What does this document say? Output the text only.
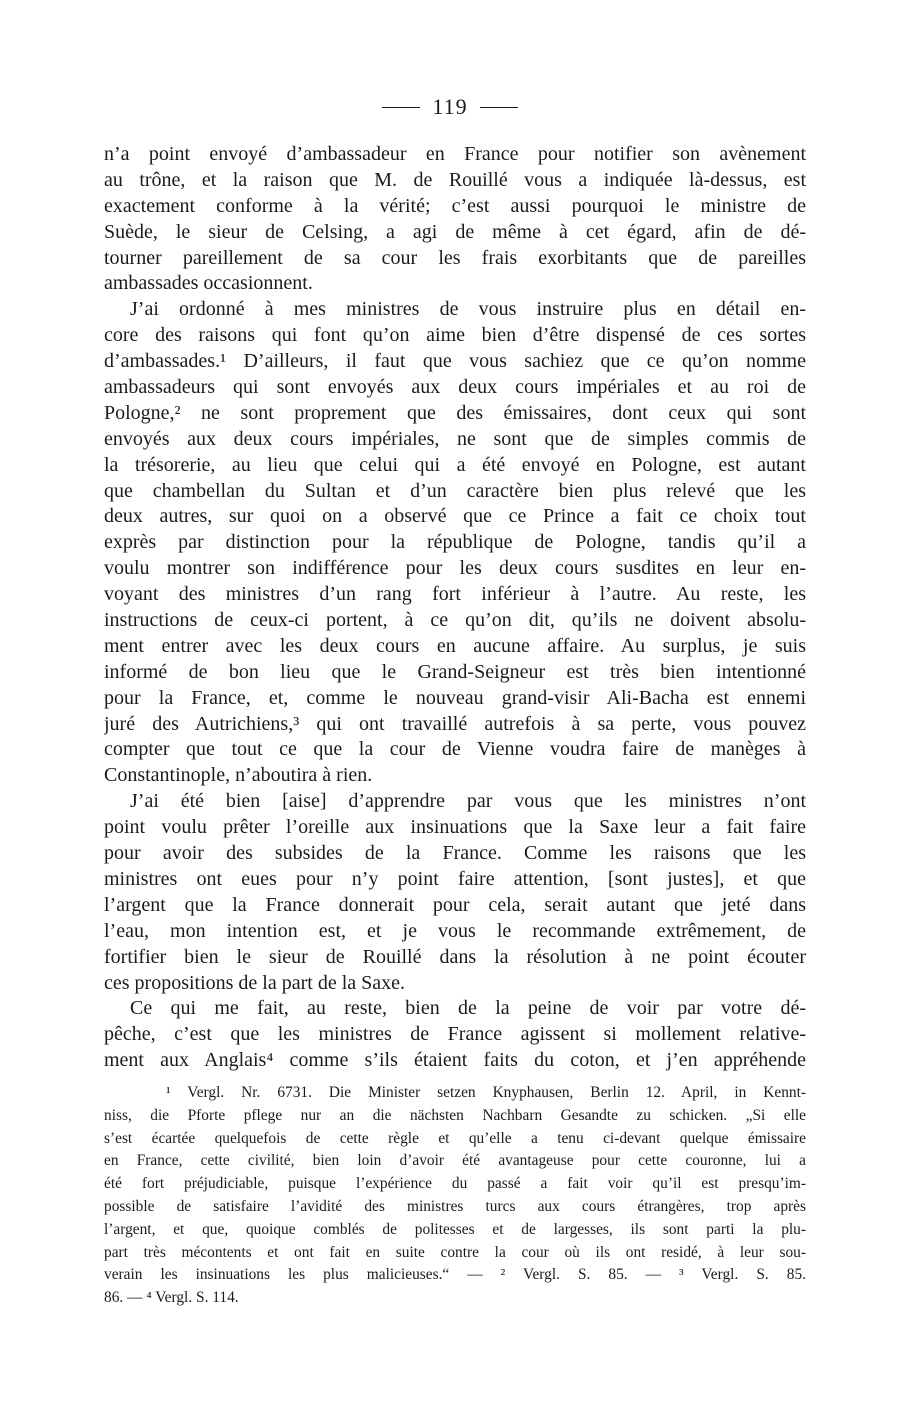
119
n’a point envoyé d’ambassadeur en France pour notifier son avènement
au trône, et la raison que M. de Rouillé vous a indiquée là-dessus, est
exactement conforme à la vérité; c’est aussi pourquoi le ministre de
Suède, le sieur de Celsing, a agi de même à cet égard, afin de dé-
tourner pareillement de sa cour les frais exorbitants que de pareilles
ambassades occasionnent.
J’ai ordonné à mes ministres de vous instruire plus en détail en-
core des raisons qui font qu’on aime bien d’être dispensé de ces sortes
d’ambassades.¹ D’ailleurs, il faut que vous sachiez que ce qu’on nomme
ambassadeurs qui sont envoyés aux deux cours impériales et au roi de
Pologne,² ne sont proprement que des émissaires, dont ceux qui sont
envoyés aux deux cours impériales, ne sont que de simples commis de
la trésorerie, au lieu que celui qui a été envoyé en Pologne, est autant
que chambellan du Sultan et d’un caractère bien plus relevé que les
deux autres, sur quoi on a observé que ce Prince a fait ce choix tout
exprès par distinction pour la république de Pologne, tandis qu’il a
voulu montrer son indifférence pour les deux cours susdites en leur en-
voyant des ministres d’un rang fort inférieur à l’autre. Au reste, les
instructions de ceux-ci portent, à ce qu’on dit, qu’ils ne doivent absolu-
ment entrer avec les deux cours en aucune affaire. Au surplus, je suis
informé de bon lieu que le Grand-Seigneur est très bien intentionné
pour la France, et, comme le nouveau grand-visir Ali-Bacha est ennemi
juré des Autrichiens,³ qui ont travaillé autrefois à sa perte, vous pouvez
compter que tout ce que la cour de Vienne voudra faire de manèges à
Constantinople, n’aboutira à rien.
J’ai été bien [aise] d’apprendre par vous que les ministres n’ont
point voulu prêter l’oreille aux insinuations que la Saxe leur a fait faire
pour avoir des subsides de la France. Comme les raisons que les
ministres ont eues pour n’y point faire attention, [sont justes], et que
l’argent que la France donnerait pour cela, serait autant que jeté dans
l’eau, mon intention est, et je vous le recommande extrêmement, de
fortifier bien le sieur de Rouillé dans la résolution à ne point écouter
ces propositions de la part de la Saxe.
Ce qui me fait, au reste, bien de la peine de voir par votre dé-
pêche, c’est que les ministres de France agissent si mollement relative-
ment aux Anglais⁴ comme s’ils étaient faits du coton, et j’en appréhende
¹ Vergl. Nr. 6731. Die Minister setzen Knyphausen, Berlin 12. April, in Kennt-
niss, die Pforte pflege nur an die nächsten Nachbarn Gesandte zu schicken. „Si elle
s’est écartée quelquefois de cette règle et qu’elle a tenu ci-devant quelque émissaire
en France, cette civilité, bien loin d’avoir été avantageuse pour cette couronne, lui a
été fort préjudiciable, puisque l’expérience du passé a fait voir qu’il est presqu’im-
possible de satisfaire l’avidité des ministres turcs aux cours étrangères, trop après
l’argent, et que, quoique comblés de politesses et de largesses, ils sont parti la plu-
part très mécontents et ont fait en suite contre la cour où ils ont residé, à leur sou-
verain les insinuations les plus malicieuses.“ — ² Vergl. S. 85. — ³ Vergl. S. 85.
86. — ⁴ Vergl. S. 114.
